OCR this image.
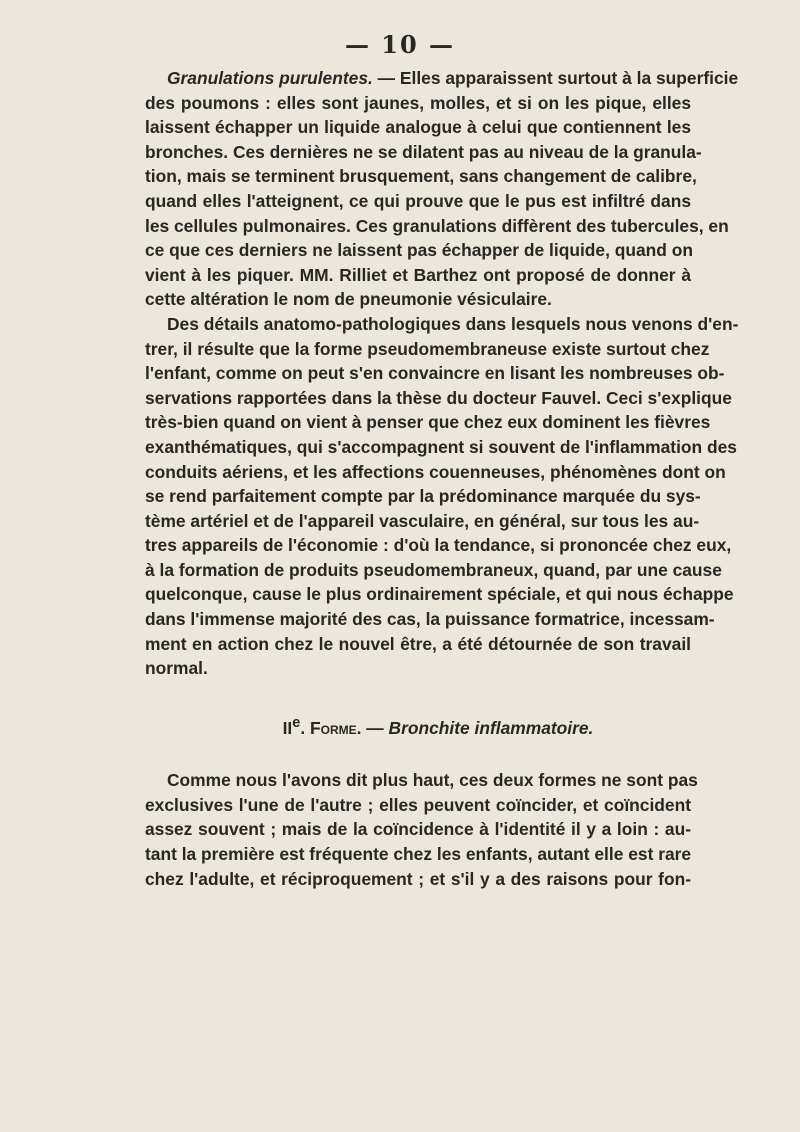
— 10 —
Granulations purulentes. — Elles apparaissent surtout à la superficie
des poumons : elles sont jaunes, molles, et si on les pique, elles
laissent échapper un liquide analogue à celui que contiennent les
bronches. Ces dernières ne se dilatent pas au niveau de la granula-
tion, mais se terminent brusquement, sans changement de calibre,
quand elles l'atteignent, ce qui prouve que le pus est infiltré dans
les cellules pulmonaires. Ces granulations diffèrent des tubercules, en
ce que ces derniers ne laissent pas échapper de liquide, quand on
vient à les piquer. MM. Rilliet et Barthez ont proposé de donner à
cette altération le nom de pneumonie vésiculaire.
Des détails anatomo-pathologiques dans lesquels nous venons d'en-
trer, il résulte que la forme pseudomembraneuse existe surtout chez
l'enfant, comme on peut s'en convaincre en lisant les nombreuses ob-
servations rapportées dans la thèse du docteur Fauvel. Ceci s'explique
très-bien quand on vient à penser que chez eux dominent les fièvres
exanthématiques, qui s'accompagnent si souvent de l'inflammation des
conduits aériens, et les affections couenneuses, phénomènes dont on
se rend parfaitement compte par la prédominance marquée du sys-
tème artériel et de l'appareil vasculaire, en général, sur tous les au-
tres appareils de l'économie : d'où la tendance, si prononcée chez eux,
à la formation de produits pseudomembraneux, quand, par une cause
quelconque, cause le plus ordinairement spéciale, et qui nous échappe
dans l'immense majorité des cas, la puissance formatrice, incessam-
ment en action chez le nouvel être, a été détournée de son travail
normal.
IIe. Forme. — Bronchite inflammatoire.
Comme nous l'avons dit plus haut, ces deux formes ne sont pas
exclusives l'une de l'autre ; elles peuvent coïncider, et coïncident
assez souvent ; mais de la coïncidence à l'identité il y a loin : au-
tant la première est fréquente chez les enfants, autant elle est rare
chez l'adulte, et réciproquement ; et s'il y a des raisons pour fon-
